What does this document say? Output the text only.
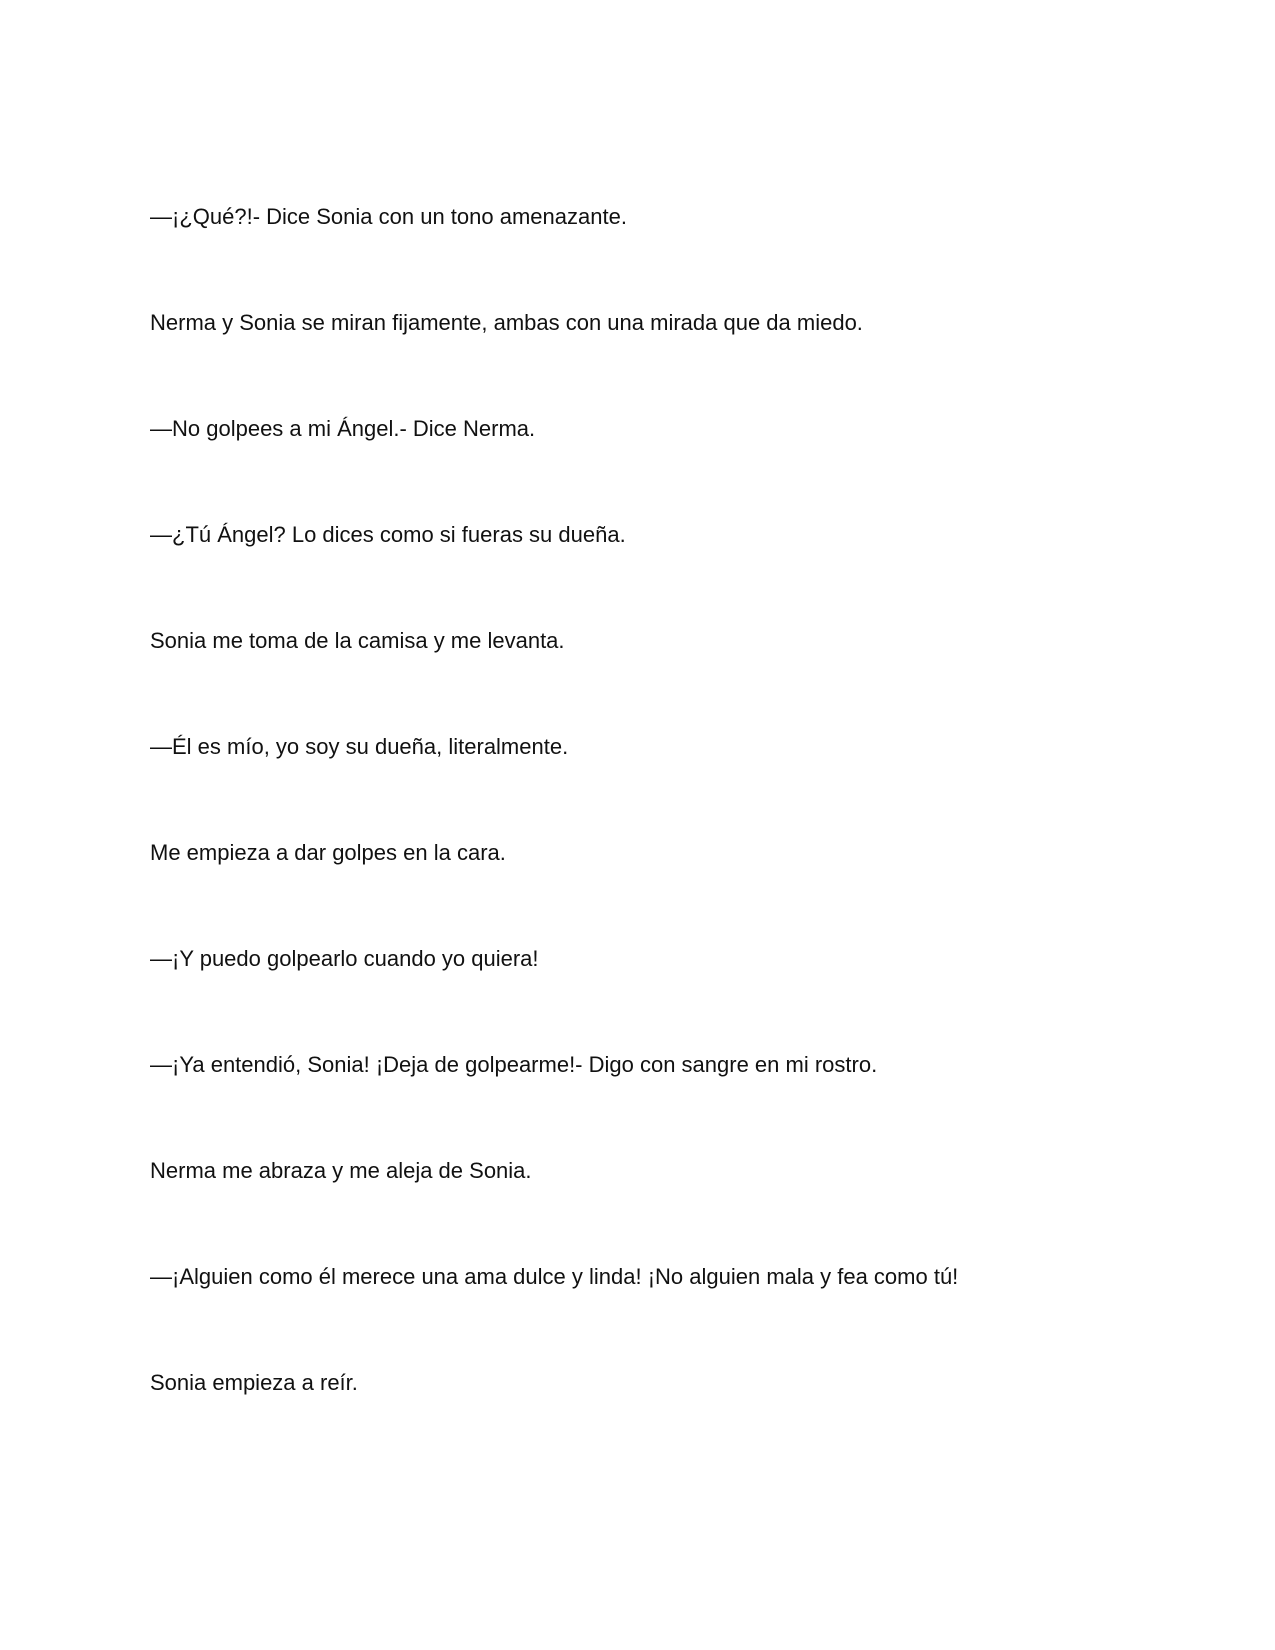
—¡¿Qué?!- Dice Sonia con un tono amenazante.

Nerma y Sonia se miran fijamente, ambas con una mirada que da miedo.

—No golpees a mi Ángel.- Dice Nerma.

—¿Tú Ángel? Lo dices como si fueras su dueña.

Sonia me toma de la camisa y me levanta.

—Él es mío, yo soy su dueña, literalmente.

Me empieza a dar golpes en la cara.

—¡Y puedo golpearlo cuando yo quiera!

—¡Ya entendió, Sonia! ¡Deja de golpearme!- Digo con sangre en mi rostro.

Nerma me abraza y me aleja de Sonia.

—¡Alguien como él merece una ama dulce y linda! ¡No alguien mala y fea como tú!

Sonia empieza a reír.
